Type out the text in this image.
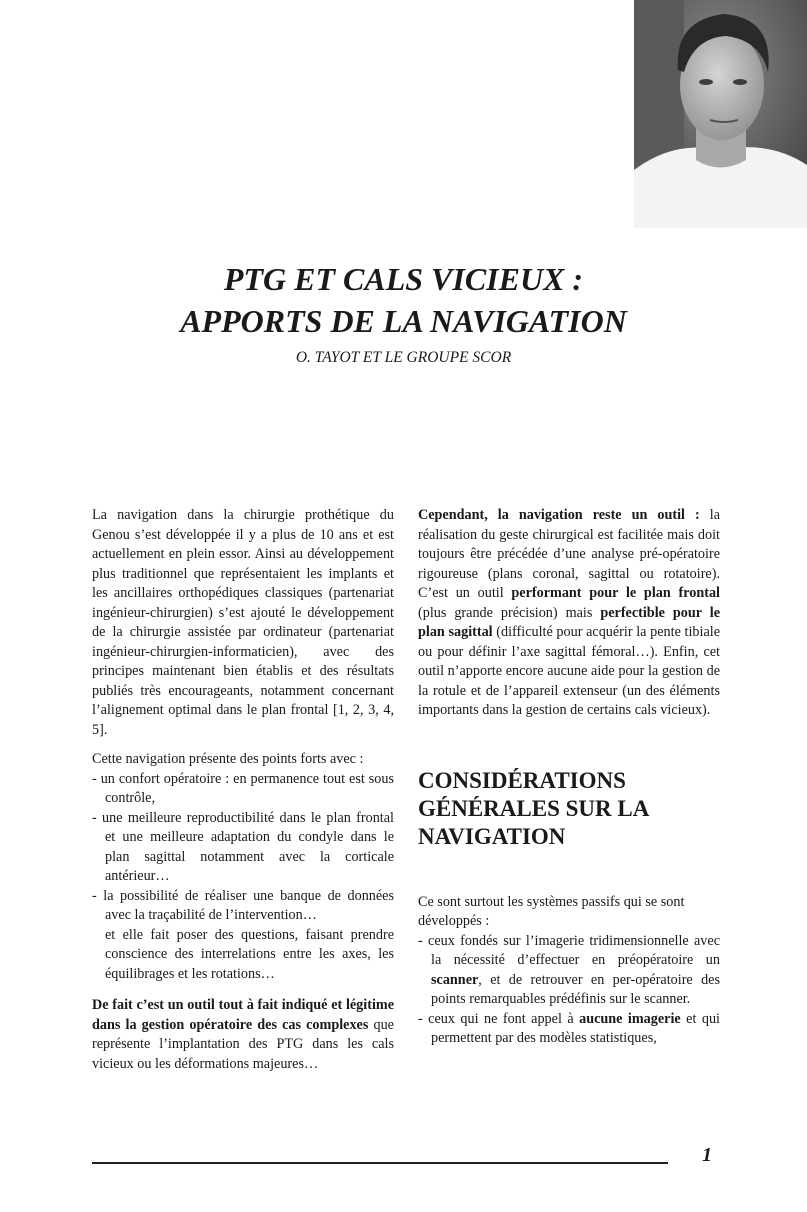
PTG ET CALS VICIEUX :
APPORTS DE LA NAVIGATION

O. TAYOT ET LE GROUPE SCOR

La navigation dans la chirurgie prothétique du Genou s’est développée il y a plus de 10 ans et est actuellement en plein essor. Ainsi au développement plus traditionnel que représentaient les implants et les ancillaires orthopédiques classiques (partenariat ingénieur-chirurgien) s’est ajouté le développement de la chirurgie assistée par ordinateur (partenariat ingénieur-chirurgien-informaticien), avec des principes maintenant bien établis et des résultats publiés très encourageants, notamment concernant l’alignement optimal dans le plan frontal [1, 2, 3, 4, 5].

Cette navigation présente des points forts avec :

- un confort opératoire : en permanence tout est sous contrôle,
- une meilleure reproductibilité dans le plan frontal et une meilleure adaptation du condyle dans le plan sagittal notamment avec la corticale antérieur…
- la possibilité de réaliser une banque de données avec la traçabilité de l’intervention…

et elle fait poser des questions, faisant prendre conscience des interrelations entre les axes, les équilibrages et les rotations…

De fait c’est un outil tout à fait indiqué et légitime dans la gestion opératoire des cas complexes que représente l’implantation des PTG dans les cals vicieux ou les déformations majeures…

Cependant, la navigation reste un outil : la réalisation du geste chirurgical est facilitée mais doit toujours être précédée d’une analyse pré-opératoire rigoureuse (plans coronal, sagittal ou rotatoire). C’est un outil performant pour le plan frontal (plus grande précision) mais perfectible pour le plan sagittal (difficulté pour acquérir la pente tibiale ou pour définir l’axe sagittal fémoral…). Enfin, cet outil n’apporte encore aucune aide pour la gestion de la rotule et de l’appareil extenseur (un des éléments importants dans la gestion de certains cals vicieux).

CONSIDÉRATIONS GÉNÉRALES SUR LA NAVIGATION

Ce sont surtout les systèmes passifs qui se sont développés :

- ceux fondés sur l’imagerie tridimensionnelle avec la nécessité d’effectuer en préopératoire un scanner, et de retrouver en per-opératoire des points remarquables prédéfinis sur le scanner.
- ceux qui ne font appel à aucune imagerie et qui permettent par des modèles statistiques,

1
